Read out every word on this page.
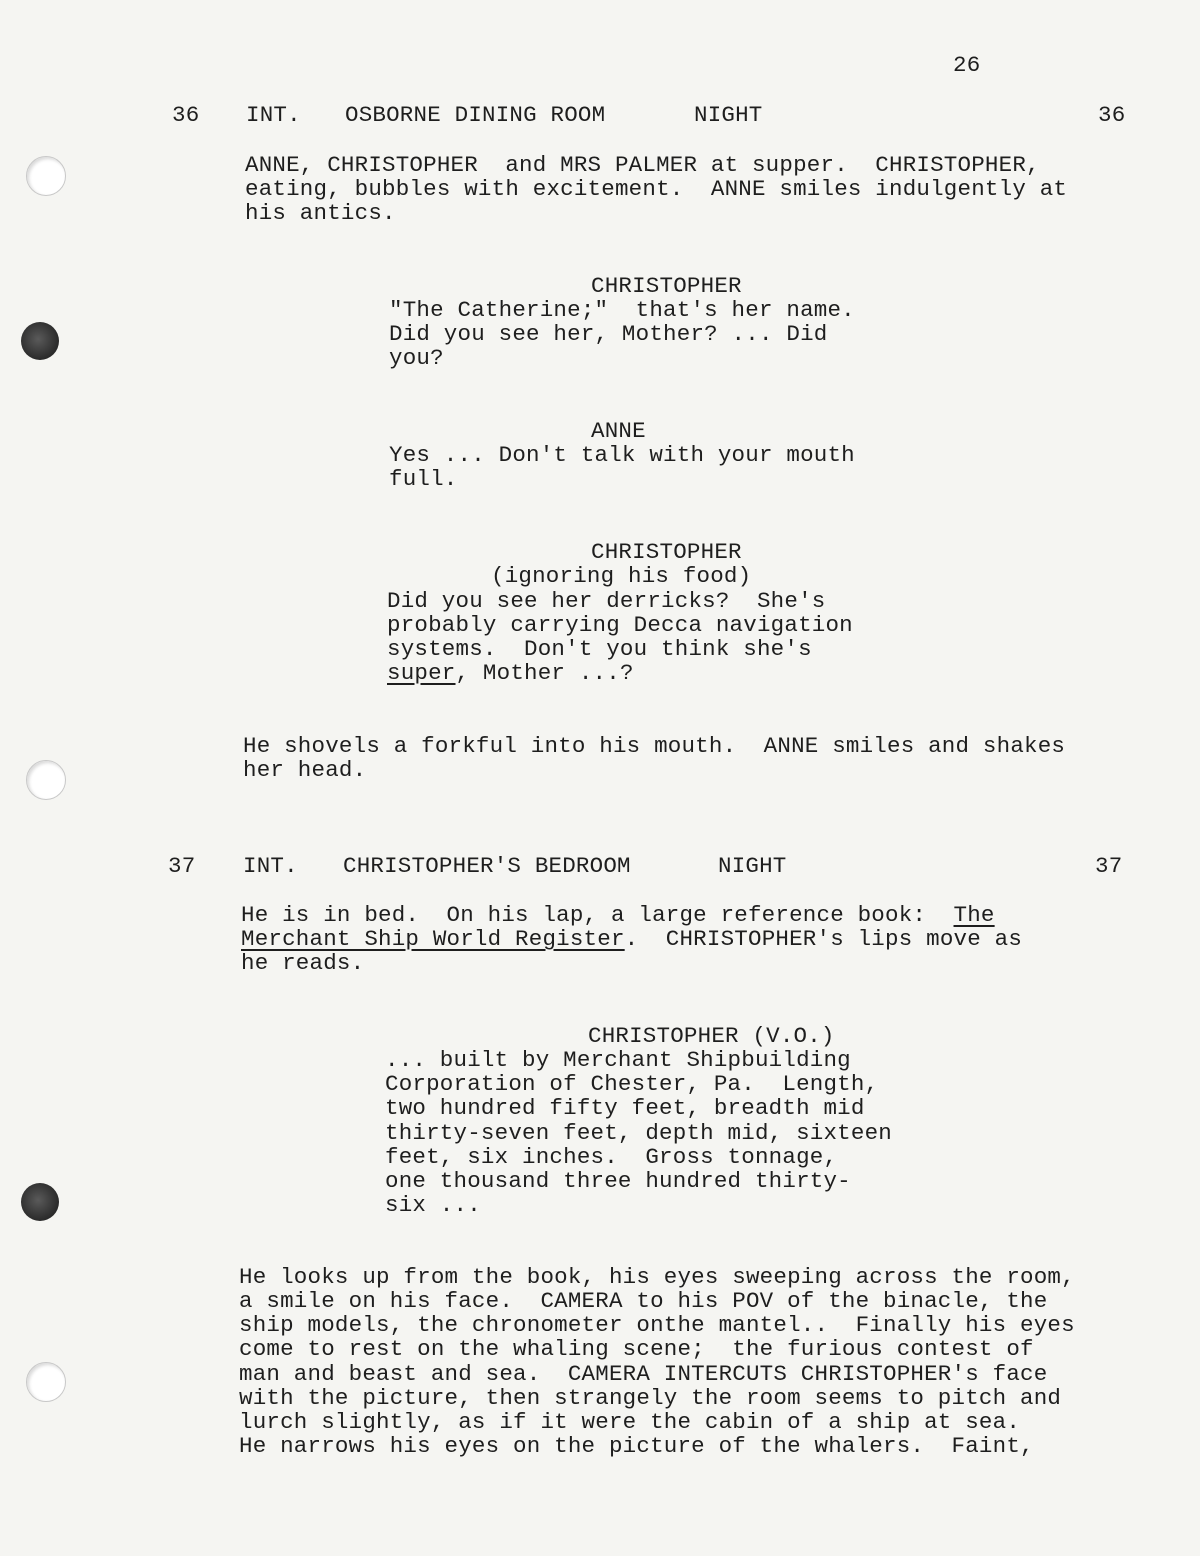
26
36 INT. OSBORNE DINING ROOM	NIGHT	36
ANNE, CHRISTOPHER  and MRS PALMER at supper.  CHRISTOPHER,
eating, bubbles with excitement.  ANNE smiles indulgently at
his antics.
CHRISTOPHER
"The Catherine;"  that's her name.
Did you see her, Mother? ... Did
you?
ANNE
Yes ... Don't talk with your mouth
full.
CHRISTOPHER
(ignoring his food)
Did you see her derricks?  She's
probably carrying Decca navigation
systems.  Don't you think she's
super, Mother ...?
He shovels a forkful into his mouth.  ANNE smiles and shakes
her head.
37 INT. CHRISTOPHER'S BEDROOM	NIGHT	37
He is in bed.  On his lap, a large reference book:  The
Merchant Ship World Register.  CHRISTOPHER's lips move as
he reads.
CHRISTOPHER (V.O.)
... built by Merchant Shipbuilding
Corporation of Chester, Pa.  Length,
two hundred fifty feet, breadth mid
thirty-seven feet, depth mid, sixteen
feet, six inches.  Gross tonnage,
one thousand three hundred thirty-
six ...
He looks up from the book, his eyes sweeping across the room,
a smile on his face.  CAMERA to his POV of the binacle, the
ship models, the chronometer onthe mantel..  Finally his eyes
come to rest on the whaling scene;  the furious contest of
man and beast and sea.  CAMERA INTERCUTS CHRISTOPHER's face
with the picture, then strangely the room seems to pitch and
lurch slightly, as if it were the cabin of a ship at sea.
He narrows his eyes on the picture of the whalers.  Faint,
